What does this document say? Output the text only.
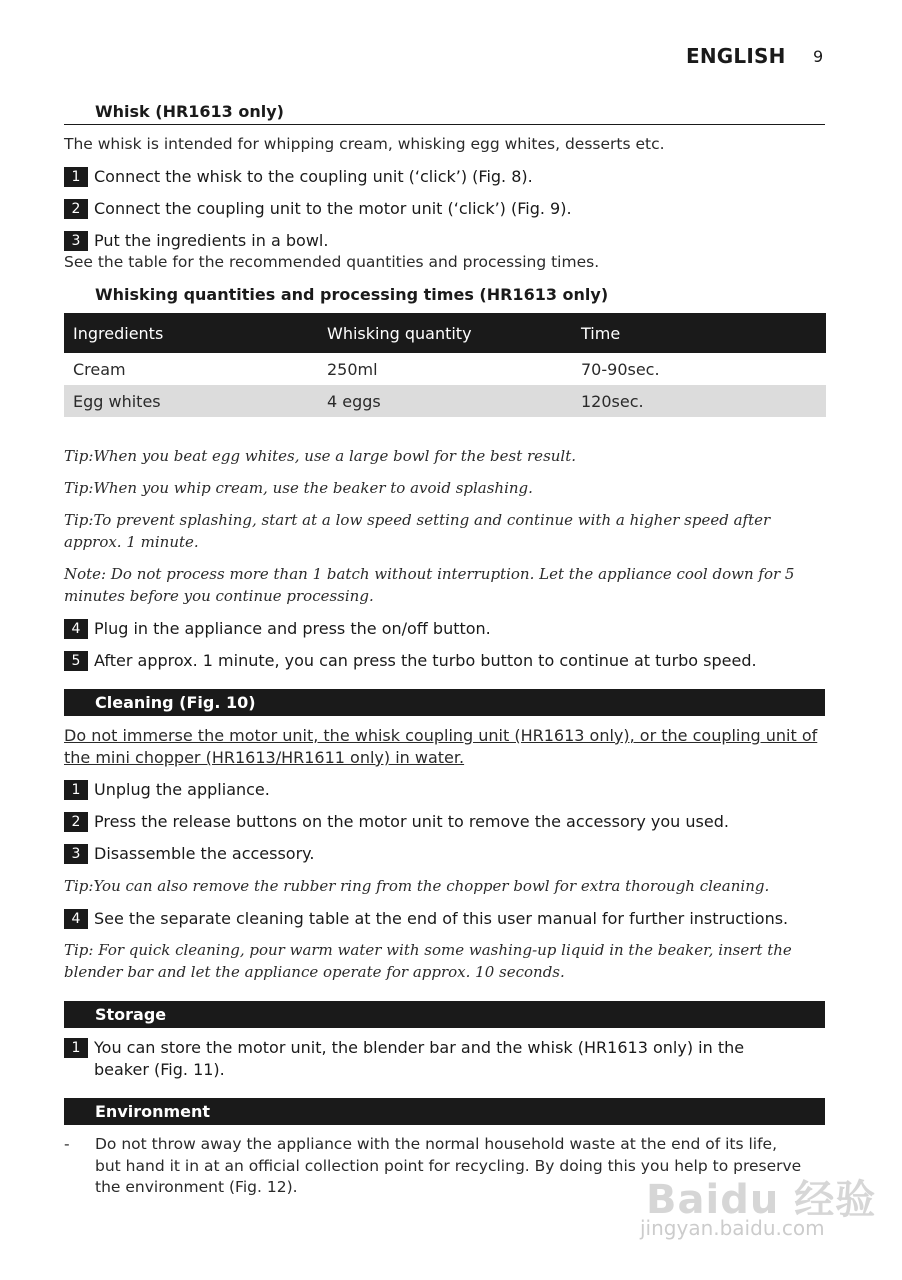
ENGLISH 9
Whisk (HR1613 only)
The whisk is intended for whipping cream, whisking egg whites, desserts etc.
1 Connect the whisk to the coupling unit (‘click’) (Fig. 8).
2 Connect the coupling unit to the motor unit (‘click’) (Fig. 9).
3 Put the ingredients in a bowl.
See the table for the recommended quantities and processing times.
Whisking quantities and processing times (HR1613 only)
Ingredients	Whisking quantity	Time
Cream	250ml	70-90sec.
Egg whites	4 eggs	120sec.
Tip:When you beat egg whites, use a large bowl for the best result.
Tip:When you whip cream, use the beaker to avoid splashing.
Tip:To prevent splashing, start at a low speed setting and continue with a higher speed after approx. 1 minute.
Note: Do not process more than 1 batch without interruption. Let the appliance cool down for 5 minutes before you continue processing.
4 Plug in the appliance and press the on/off button.
5 After approx. 1 minute, you can press the turbo button to continue at turbo speed.
Cleaning (Fig. 10)
Do not immerse the motor unit, the whisk coupling unit (HR1613 only), or the coupling unit of the mini chopper (HR1613/HR1611 only) in water.
1 Unplug the appliance.
2 Press the release buttons on the motor unit to remove the accessory you used.
3 Disassemble the accessory.
Tip:You can also remove the rubber ring from the chopper bowl for extra thorough cleaning.
4 See the separate cleaning table at the end of this user manual for further instructions.
Tip: For quick cleaning, pour warm water with some washing-up liquid in the beaker, insert the blender bar and let the appliance operate for approx. 10 seconds.
Storage
1 You can store the motor unit, the blender bar and the whisk (HR1613 only) in the beaker (Fig. 11).
Environment
- Do not throw away the appliance with the normal household waste at the end of its life, but hand it in at an official collection point for recycling. By doing this you help to preserve the environment (Fig. 12).	Baidu 经验
jingyan.baidu.com
